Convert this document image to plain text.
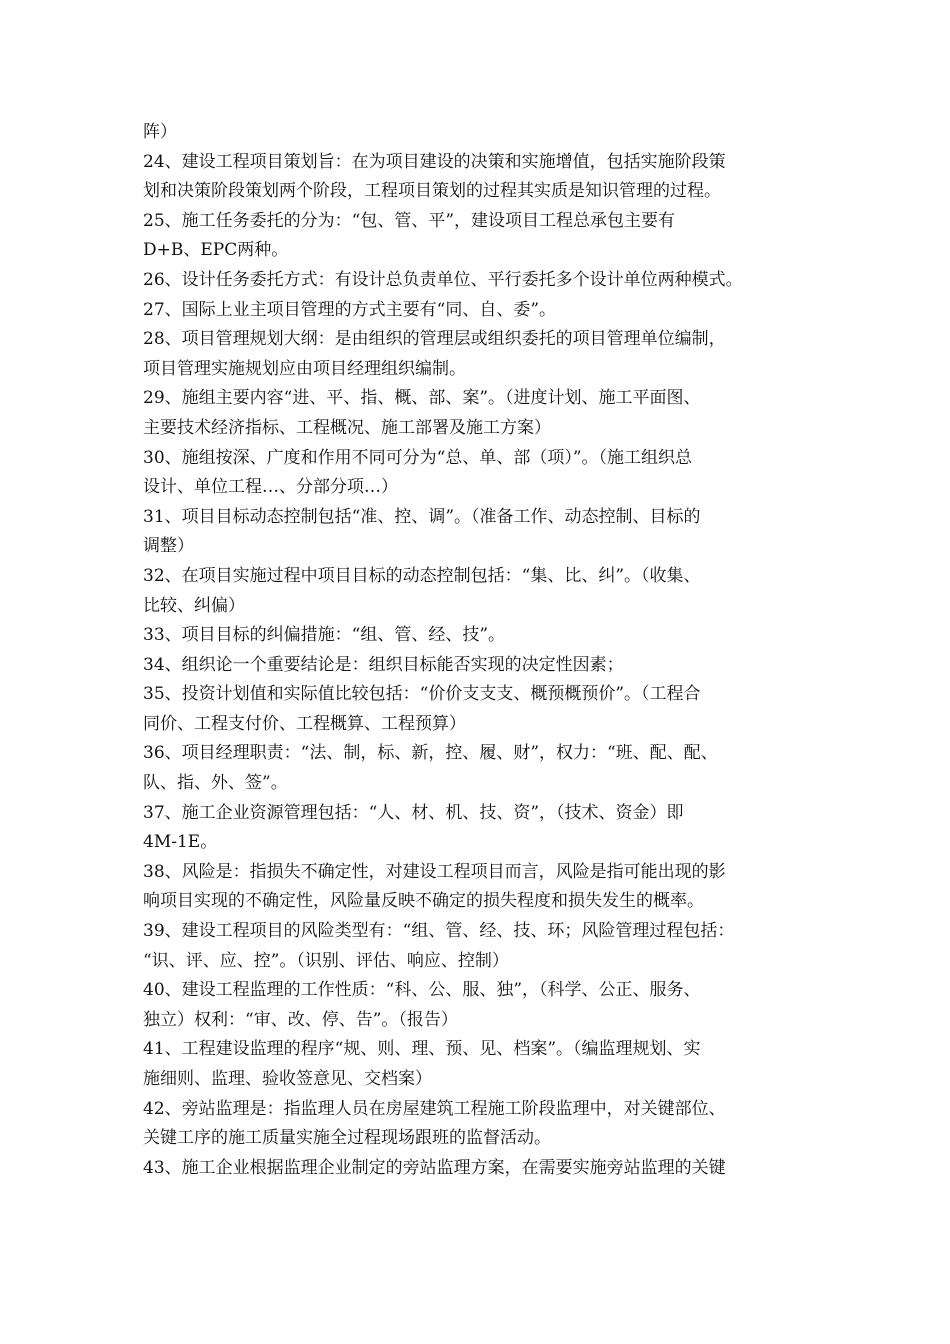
阵）

24、建设工程项目策划旨：在为项目建设的决策和实施增值，包括实施阶段策

划和决策阶段策划两个阶段，工程项目策划的过程其实质是知识管理的过程。

25、施工任务委托的分为：“包、管、平”，建设项目工程总承包主要有

D+B、EPC两种。

26、设计任务委托方式：有设计总负责单位、平行委托多个设计单位两种模式。

27、国际上业主项目管理的方式主要有“同、自、委”。

28、项目管理规划大纲：是由组织的管理层或组织委托的项目管理单位编制，

项目管理实施规划应由项目经理组织编制。

29、施组主要内容“进、平、指、概、部、案”。（进度计划、施工平面图、

主要技术经济指标、工程概况、施工部署及施工方案）

30、施组按深、广度和作用不同可分为“总、单、部（项）”。（施工组织总

设计、单位工程…、分部分项…）

31、项目目标动态控制包括“准、控、调”。（准备工作、动态控制、目标的

调整）

32、在项目实施过程中项目目标的动态控制包括：“集、比、纠”。（收集、

比较、纠偏）

33、项目目标的纠偏措施：“组、管、经、技”。

34、组织论一个重要结论是：组织目标能否实现的决定性因素；

35、投资计划值和实际值比较包括：“价价支支支、概预概预价”。（工程合

同价、工程支付价、工程概算、工程预算）

36、项目经理职责：“法、制，标、新，控、履、财”，权力：“班、配、配、

队、指、外、签”。

37、施工企业资源管理包括：“人、材、机、技、资”，（技术、资金）即

4M-1E。

38、风险是：指损失不确定性，对建设工程项目而言，风险是指可能出现的影

响项目实现的不确定性，风险量反映不确定的损失程度和损失发生的概率。

39、建设工程项目的风险类型有：“组、管、经、技、环；风险管理过程包括：

“识、评、应、控”。（识别、评估、响应、控制）

40、建设工程监理的工作性质：“科、公、服、独”，（科学、公正、服务、

独立）权利：“审、改、停、告”。（报告）

41、工程建设监理的程序“规、则、理、预、见、档案”。（编监理规划、实

施细则、监理、验收签意见、交档案）

42、旁站监理是：指监理人员在房屋建筑工程施工阶段监理中，对关键部位、

关键工序的施工质量实施全过程现场跟班的监督活动。

43、施工企业根据监理企业制定的旁站监理方案，在需要实施旁站监理的关键
